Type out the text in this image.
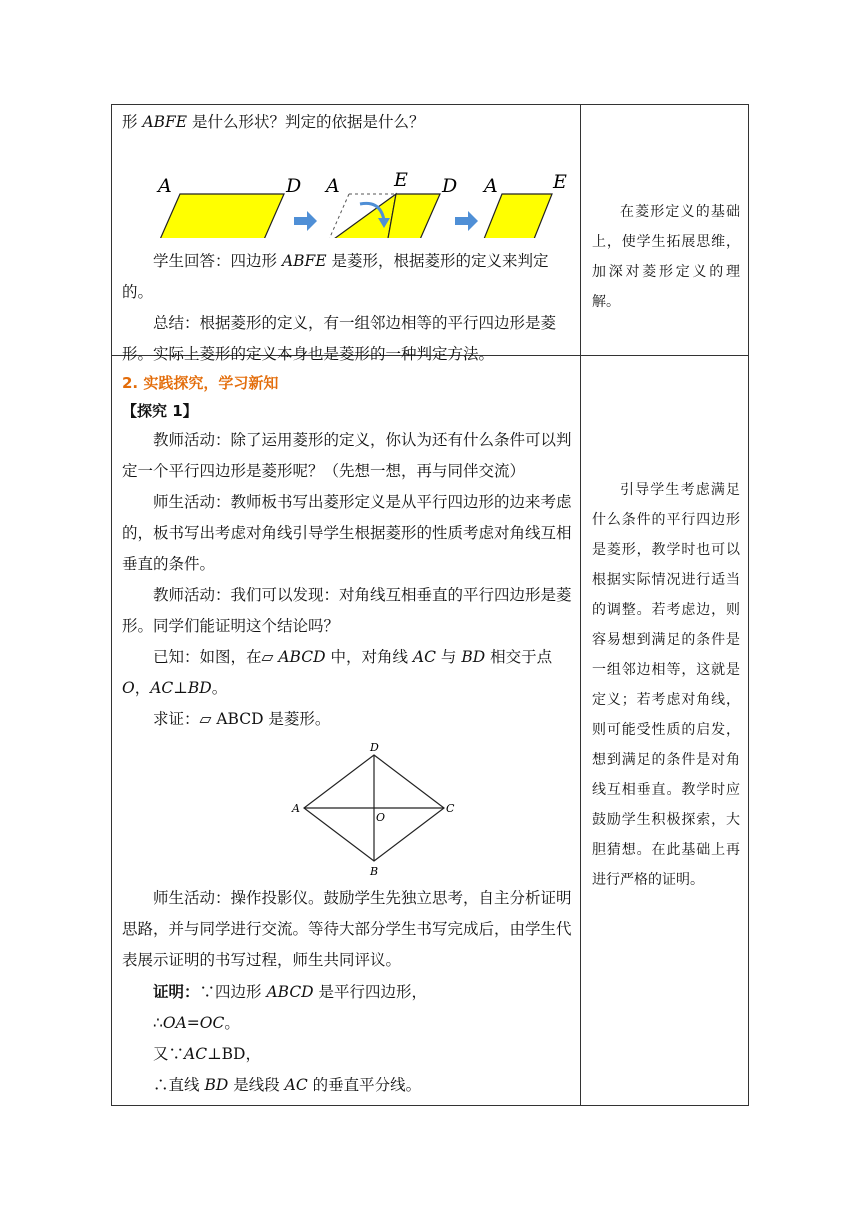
形 ABFE 是什么形状？判定的依据是什么？

A	D A	E D A	E

学生回答：四边形 ABFE 是菱形，根据菱形的定义来判定的。

总结：根据菱形的定义，有一组邻边相等的平行四边形是菱形。实际上菱形的定义本身也是菱形的一种判定方法。

在菱形定义的基础上，使学生拓展思维，加深对菱形定义的理解。
2. 实践探究，学习新知
【探究 1】

教师活动：除了运用菱形的定义，你认为还有什么条件可以判定一个平行四边形是菱形呢？（先想一想，再与同伴交流）

师生活动：教师板书写出菱形定义是从平行四边形的边来考虑的，板书写出考虑对角线引导学生根据菱形的性质考虑对角线互相垂直的条件。

教师活动：我们可以发现：对角线互相垂直的平行四边形是菱形。同学们能证明这个结论吗？

已知：如图，在▱ ABCD 中，对角线 AC 与 BD 相交于点 O，AC⊥BD。

求证：▱ ABCD 是菱形。

D
A
O
C
B

师生活动：操作投影仪。鼓励学生先独立思考，自主分析证明思路，并与同学进行交流。等待大部分学生书写完成后，由学生代表展示证明的书写过程，师生共同评议。

证明：∵四边形 ABCD 是平行四边形，

∴OA=OC。

又∵AC⊥BD，

∴直线 BD 是线段 AC 的垂直平分线。

引导学生考虑满足什么条件的平行四边形是菱形，教学时也可以根据实际情况进行适当的调整。若考虑边，则容易想到满足的条件是一组邻边相等，这就是定义；若考虑对角线，则可能受性质的启发，想到满足的条件是对角线互相垂直。教学时应鼓励学生积极探索，大胆猜想。在此基础上再进行严格的证明。
